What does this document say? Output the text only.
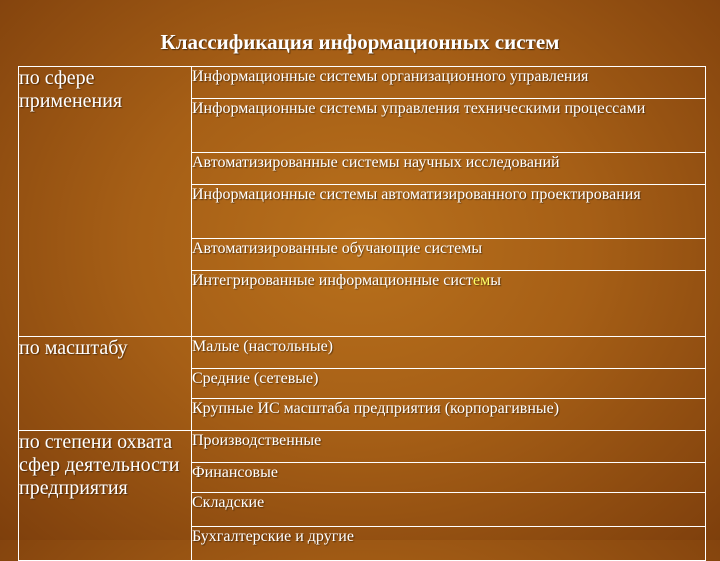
Классификация информационных систем
по сфере применения	Информационные системы организационного управления
	Информационные системы управления техническими процессами
	Автоматизированные системы научных исследований
	Информационные системы автоматизированного проектирования
	Автоматизированные обучающие системы
	Интегрированные информационные системы
по масштабу	Малые (настольные)
	Средние (сетевые)
	Крупные ИС масштаба предприятия (корпорагивные)
по степени охвата сфер деятельности предприятия	Производственные
	Финансовые
	Складские
	Бухгалтерские и другие
